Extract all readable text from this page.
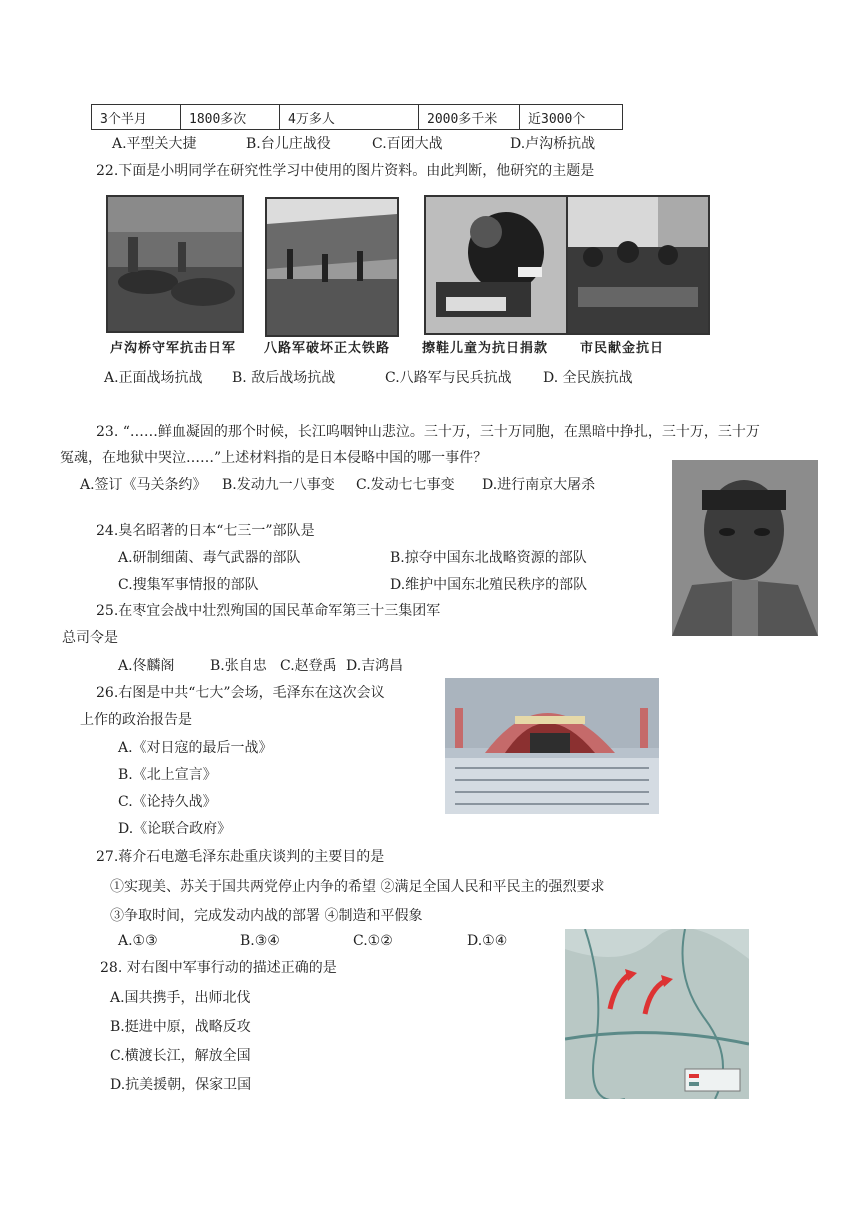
3个半月	1800多次	4万多人	2000多千米	近3000个
A.平型关大捷	B.台儿庄战役	C.百团大战	D.卢沟桥抗战
22.下面是小明同学在研究性学习中使用的图片资料。由此判断，他研究的主题是
卢沟桥守军抗击日军 八路军破坏正太铁路 擦鞋儿童为抗日捐款 市民献金抗日
A.正面战场抗战 B. 敌后战场抗战	C.八路军与民兵抗战 D. 全民族抗战
23. “……鲜血凝固的那个时候，长江呜咽钟山悲泣。三十万，三十万同胞，在黑暗中挣扎，三十万，三十万
冤魂，在地狱中哭泣……”上述材料指的是日本侵略中国的哪一事件？
A.签订《马关条约》 B.发动九一八事变 C.发动七七事变 D.进行南京大屠杀
24.臭名昭著的日本“七三一”部队是
A.研制细菌、毒气武器的部队	B.掠夺中国东北战略资源的部队
C.搜集军事情报的部队	D.维护中国东北殖民秩序的部队
25.在枣宜会战中壮烈殉国的国民革命军第三十三集团军
总司令是
A.佟麟阁	B.张自忠 C.赵登禹 D.吉鸿昌
26.右图是中共“七大”会场，毛泽东在这次会议
上作的政治报告是
A.《对日寇的最后一战》
B.《北上宣言》
C.《论持久战》
D.《论联合政府》
27.蒋介石电邀毛泽东赴重庆谈判的主要目的是
①实现美、苏关于国共两党停止内争的希望 ②满足全国人民和平民主的强烈要求
③争取时间，完成发动内战的部署 ④制造和平假象
A.①③	B.③④	C.①②	D.①④
28. 对右图中军事行动的描述正确的是
A.国共携手，出师北伐
B.挺进中原，战略反攻
C.横渡长江，解放全国
D.抗美援朝，保家卫国
